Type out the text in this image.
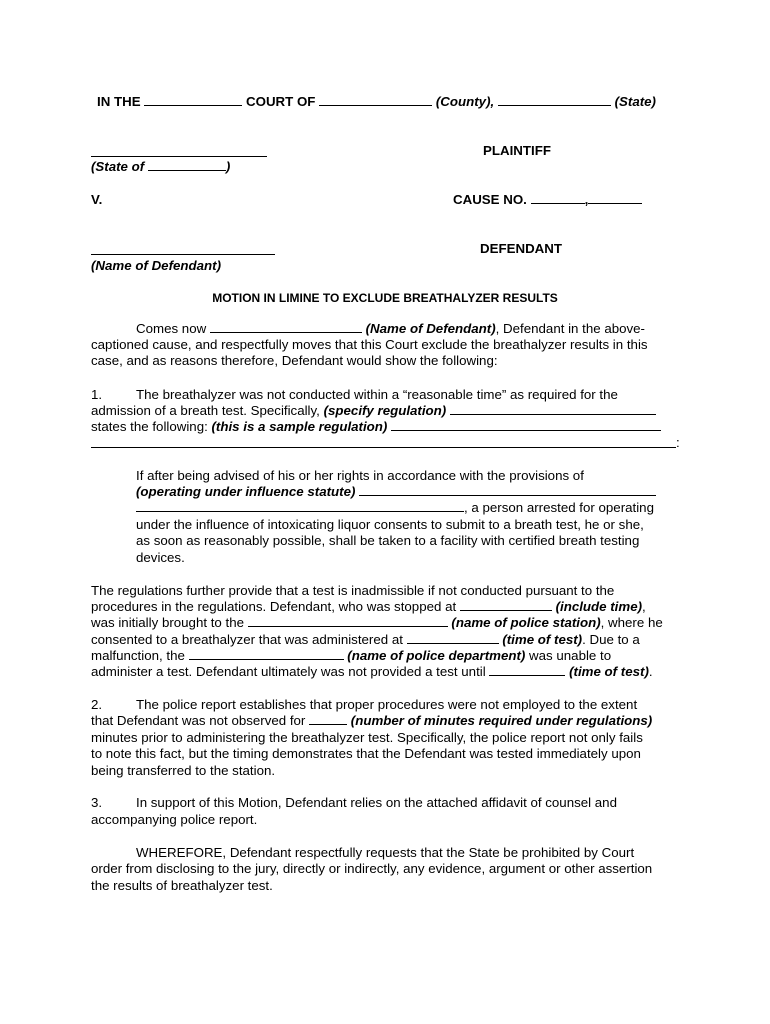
IN THE	COURT OF	(County),	(State)
PLAINTIFF
(State of	)
V.	CAUSE NO.	,
DEFENDANT
(Name of Defendant)
MOTION IN LIMINE TO EXCLUDE BREATHALYZER RESULTS
Comes now	(Name of Defendant), Defendant in the above-
captioned cause, and respectfully moves that this Court exclude the breathalyzer results in this
case, and as reasons therefore, Defendant would show the following:
1.	The breathalyzer was not conducted within a “reasonable time” as required for the
admission of a breath test. Specifically, (specify regulation)
states the following: (this is a sample regulation)
:
If after being advised of his or her rights in accordance with the provisions of
(operating under influence statute)
, a person arrested for operating
under the influence of intoxicating liquor consents to submit to a breath test, he or she,
as soon as reasonably possible, shall be taken to a facility with certified breath testing
devices.
The regulations further provide that a test is inadmissible if not conducted pursuant to the
procedures in the regulations. Defendant, who was stopped at	(include time),
was initially brought to the	(name of police station), where he
consented to a breathalyzer that was administered at	(time of test). Due to a
malfunction, the	(name of police department) was unable to
administer a test. Defendant ultimately was not provided a test until	(time of test).
2.	The police report establishes that proper procedures were not employed to the extent
that Defendant was not observed for	(number of minutes required under regulations)
minutes prior to administering the breathalyzer test. Specifically, the police report not only fails
to note this fact, but the timing demonstrates that the Defendant was tested immediately upon
being transferred to the station.
3.	In support of this Motion, Defendant relies on the attached affidavit of counsel and
accompanying police report.
WHEREFORE, Defendant respectfully requests that the State be prohibited by Court
order from disclosing to the jury, directly or indirectly, any evidence, argument or other assertion
the results of breathalyzer test.
